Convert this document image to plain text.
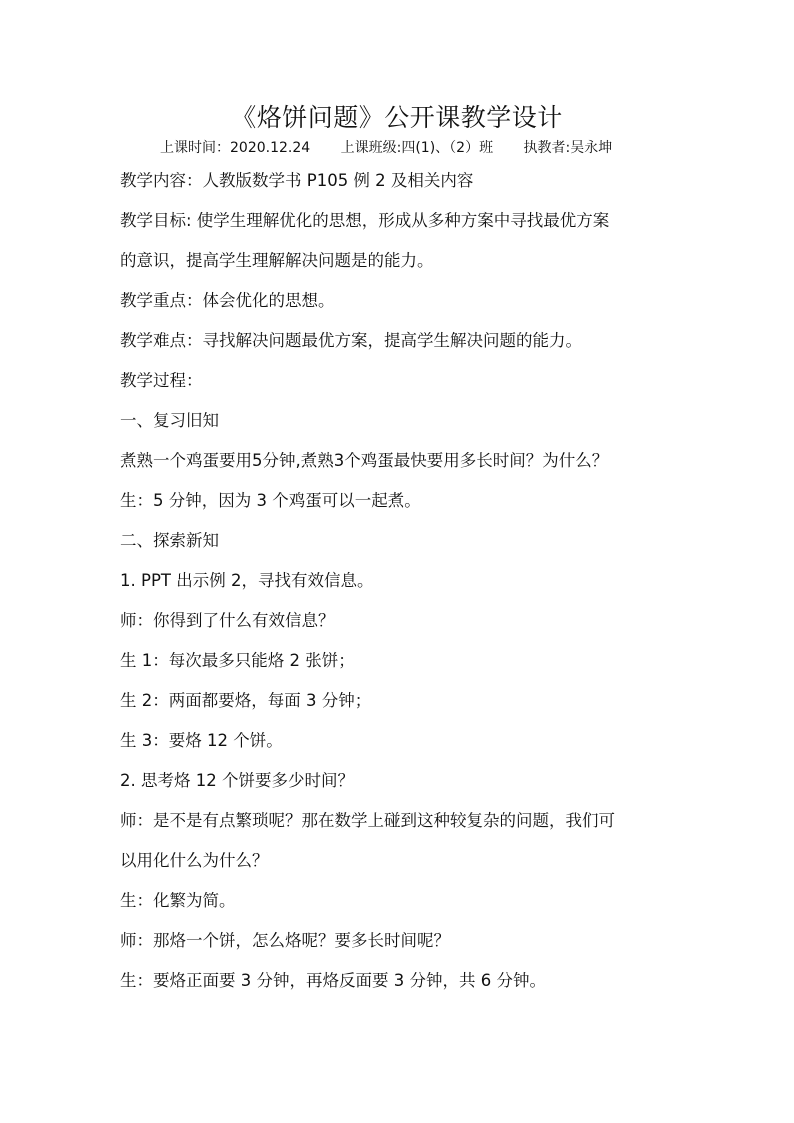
《烙饼问题》公开课教学设计
上课时间：2020.12.24 上课班级:四(1)、（2）班 执教者:吴永坤
教学内容：人教版数学书 P105 例 2 及相关内容
教学目标: 使学生理解优化的思想，形成从多种方案中寻找最优方案
的意识，提高学生理解解决问题是的能力。
教学重点：体会优化的思想。
教学难点：寻找解决问题最优方案，提高学生解决问题的能力。
教学过程：
一、复习旧知
煮熟一个鸡蛋要用5分钟,煮熟3个鸡蛋最快要用多长时间？为什么？
生：5 分钟，因为 3 个鸡蛋可以一起煮。
二、探索新知
1. PPT 出示例 2，寻找有效信息。
师：你得到了什么有效信息？
生 1：每次最多只能烙 2 张饼；
生 2：两面都要烙，每面 3 分钟；
生 3：要烙 12 个饼。
2. 思考烙 12 个饼要多少时间？
师：是不是有点繁琐呢？那在数学上碰到这种较复杂的问题，我们可
以用化什么为什么？
生：化繁为简。
师：那烙一个饼，怎么烙呢？要多长时间呢？
生：要烙正面要 3 分钟，再烙反面要 3 分钟，共 6 分钟。
